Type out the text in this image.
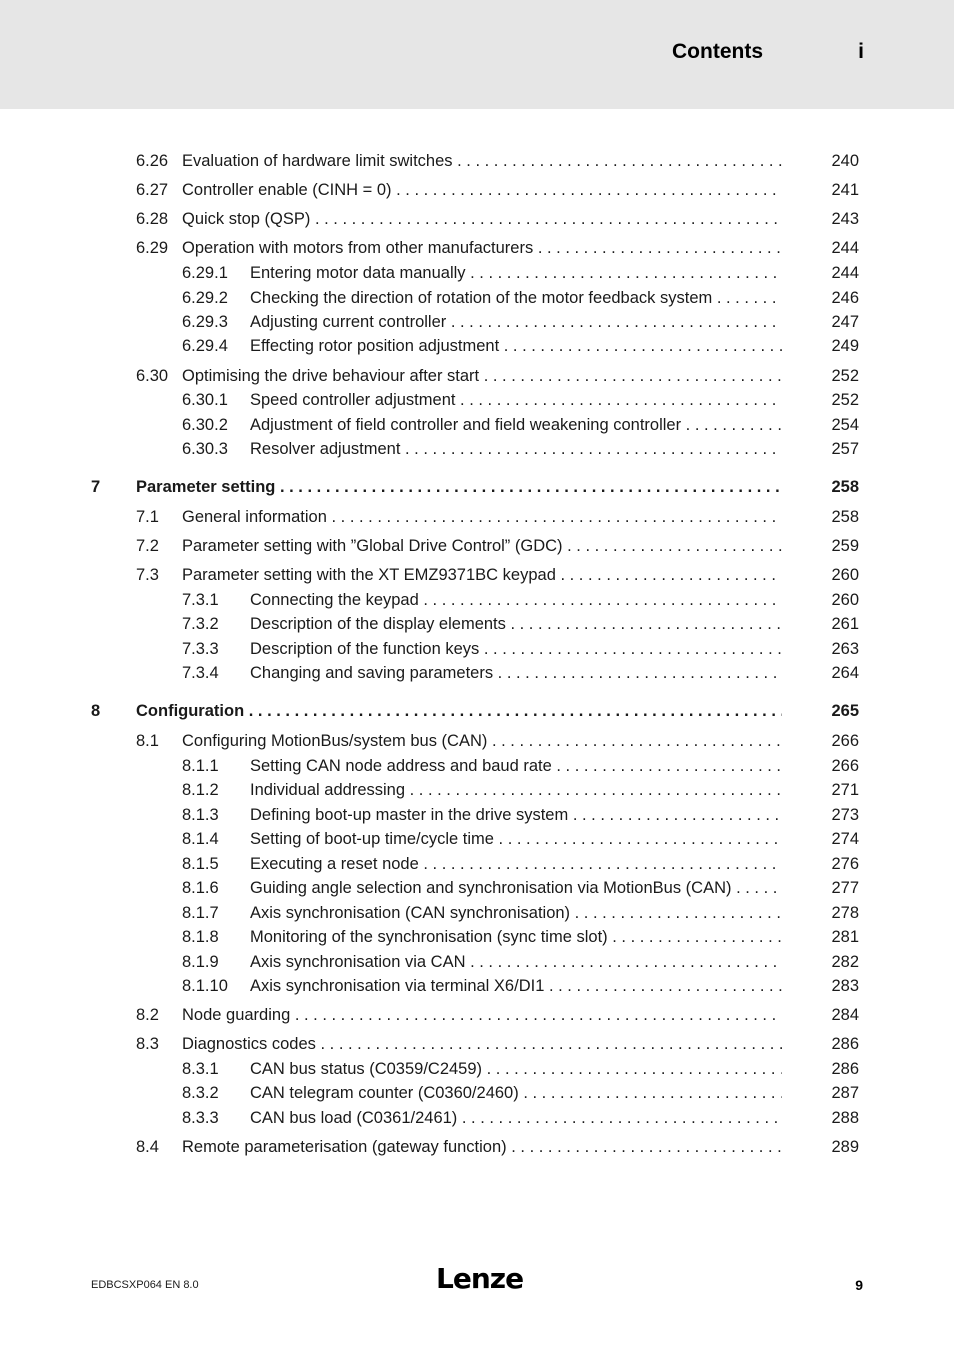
Contents	i
6.26 Evaluation of hardware limit switches . . .	240
6.27 Controller enable (CINH = 0) . . .	241
6.28 Quick stop (QSP) . . .	243
6.29 Operation with motors from other manufacturers . . .	244
6.29.1 Entering motor data manually . . .	244
6.29.2 Checking the direction of rotation of the motor feedback system . . .	246
6.29.3 Adjusting current controller . . .	247
6.29.4 Effecting rotor position adjustment . . .	249
6.30 Optimising the drive behaviour after start . . .	252
6.30.1 Speed controller adjustment . . .	252
6.30.2 Adjustment of field controller and field weakening controller . . .	254
6.30.3 Resolver adjustment . . .	257
7 Parameter setting . . .	258
7.1 General information . . .	258
7.2 Parameter setting with ”Global Drive Control” (GDC) . . .	259
7.3 Parameter setting with the XT EMZ9371BC keypad . . .	260
7.3.1 Connecting the keypad . . .	260
7.3.2 Description of the display elements . . .	261
7.3.3 Description of the function keys . . .	263
7.3.4 Changing and saving parameters . . .	264
8 Configuration . . .	265
8.1 Configuring MotionBus/system bus (CAN) . . .	266
8.1.1 Setting CAN node address and baud rate . . .	266
8.1.2 Individual addressing . . .	271
8.1.3 Defining boot-up master in the drive system . . .	273
8.1.4 Setting of boot-up time/cycle time . . .	274
8.1.5 Executing a reset node . . .	276
8.1.6 Guiding angle selection and synchronisation via MotionBus (CAN) . . .	277
8.1.7 Axis synchronisation (CAN synchronisation) . . .	278
8.1.8 Monitoring of the synchronisation (sync time slot) . . .	281
8.1.9 Axis synchronisation via CAN . . .	282
8.1.10 Axis synchronisation via terminal X6/DI1 . . .	283
8.2 Node guarding . . .	284
8.3 Diagnostics codes . . .	286
8.3.1 CAN bus status (C0359/C2459) . . .	286
8.3.2 CAN telegram counter (C0360/2460) . . .	287
8.3.3 CAN bus load (C0361/2461) . . .	288
8.4 Remote parameterisation (gateway function) . . .	289
EDBCSXP064 EN 8.0	Lenze	9
